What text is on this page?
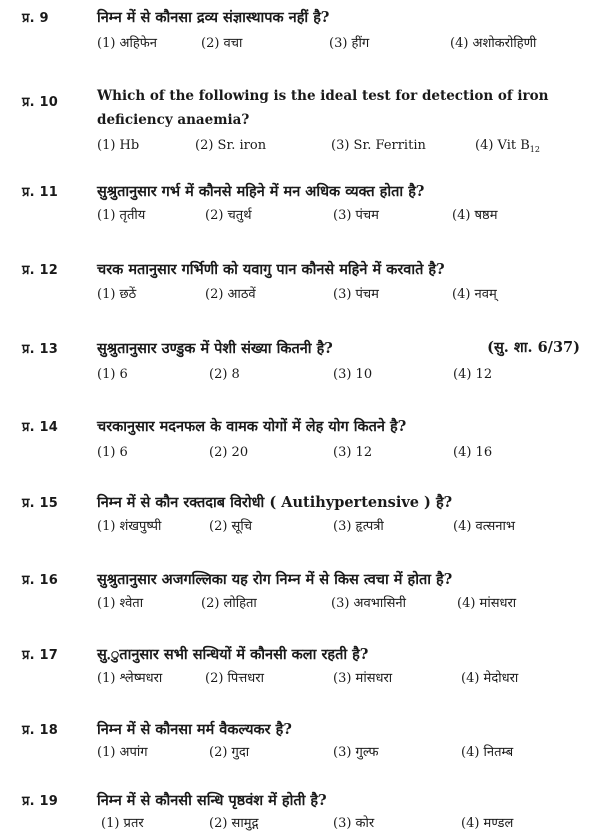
प्र. 9	निम्न में से कौनसा द्रव्य संज्ञास्थापक नहीं है?
(1) अहिफेन	(2) वचा	(3) हींग	(4) अशोकरोहिणी
प्र. 10	Which of the following is the ideal test for detection of iron deficiency anaemia?
(1) Hb	(2) Sr. iron	(3) Sr. Ferritin	(4) Vit $B_{12}$
प्र. 11	सुश्रुतानुसार गर्भ में कौनसे महिने में मन अधिक व्यक्त होता है?
(1) तृतीय	(2) चतुर्थ	(3) पंचम	(4) षष्ठम
प्र. 12	चरक मतानुसार गर्भिणी को यवागु पान कौनसे महिने में करवाते है?
(1) छठें	(2) आठवें	(3) पंचम	(4) नवम्
प्र. 13	सुश्रुतानुसार उण्डुक में पेशी संख्या कितनी है?	(सु. शा. 6/37)
(1) 6	(2) 8	(3) 10	(4) 12
प्र. 14	चरकानुसार मदनफल के वामक योगों में लेह योग कितने है?
(1) 6	(2) 20	(3) 12	(4) 16
प्र. 15	निम्न में से कौन रक्तदाब विरोधी ( Autihypertensive ) है?
(1) शंखपुष्पी	(2) सूचि	(3) हृत्पत्री	(4) वत्सनाभ
प्र. 16	सुश्रुतानुसार अजगल्लिका यह रोग निम्न में से किस त्वचा में होता है?
(1) श्वेता	(2) लोहिता	(3) अवभासिनी	(4) मांसधरा
प्र. 17	सु.ुतानुसार सभी सन्धियों में कौनसी कला रहती है?
(1) श्लेष्मधरा	(2) पित्तधरा	(3) मांसधरा	(4) मेदोधरा
प्र. 18	निम्न में से कौनसा मर्म वैकल्यकर है?
(1) अपांग	(2) गुदा	(3) गुल्फ	(4) नितम्ब
प्र. 19	निम्न में से कौनसी सन्धि पृष्ठवंश में होती है?
(1) प्रतर	(2) सामुद्ग	(3) कोर	(4) मण्डल
